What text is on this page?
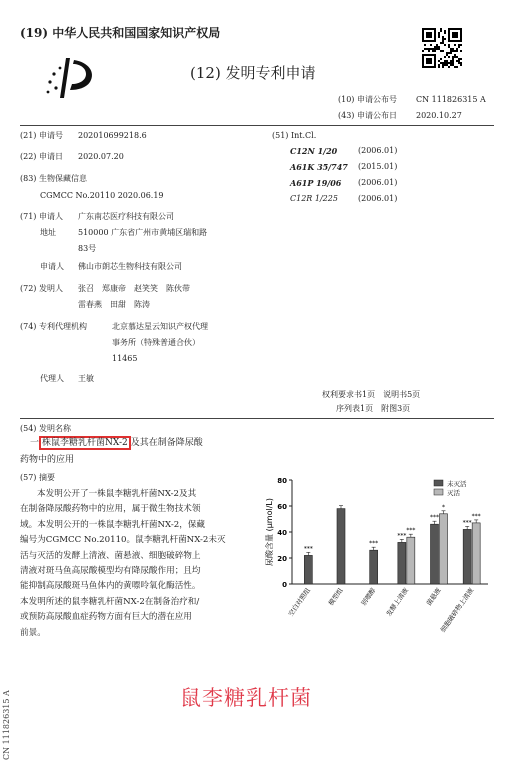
(19) 中华人民共和国国家知识产权局
(12) 发明专利申请
(10) 申请公布号 CN 111826315 A
(43) 申请公布日 2020.10.27
(21) 申请号 202010699218.6
(22) 申请日 2020.07.20
(83) 生物保藏信息
CGMCC No.20110 2020.06.19
(71) 申请人 广东南芯医疗科技有限公司
地址	510000 广东省广州市黄埔区瑞和路
83号
申请人 佛山市朗芯生物科技有限公司
(72) 发明人 张召　郑康帝　赵笑笑　陈伙带
雷春燕　田甜　陈涛
(74) 专利代理机构	北京慕达星云知识产权代理
事务所（特殊普通合伙）
11465
代理人 王敏
(51) Int.Cl.
C12N 1/20	(2006.01)
A61K 35/747 (2015.01)
A61P 19/06 (2006.01)
C12R 1/225	(2006.01)
权利要求书1页　说明书5页
序列表1页　附图3页
(54) 发明名称
一 株鼠李糖乳杆菌NX-2 及其在制备降尿酸
药物中的应用
(57) 摘要
本发明公开了一株鼠李糖乳杆菌NX-2及其
在制备降尿酸药物中的应用，属于微生物技术领
域。本发明公开的一株鼠李糖乳杆菌NX-2，保藏
编号为CGMCC No.20110。鼠李糖乳杆菌NX-2未灭
活与灭活的发酵上清液、菌悬液、细胞破碎物上
清液对斑马鱼高尿酸模型均有降尿酸作用；且均
能抑制高尿酸斑马鱼体内的黄嘌呤氧化酶活性。
本发明所述的鼠李糖乳杆菌NX-2在制备治疗和/
或预防高尿酸血症药物方面有巨大的潜在应用
前景。
尿酸含量 (μmol/L)
0
20
40
60
80
***
空白对照组 模型组
***
别嘌醇
***
***
发酵上清液
***
*
菌悬液
***
***
细胞破碎物上清液
未灭活
灭活
鼠李糖乳杆菌
CN 111826315 A
